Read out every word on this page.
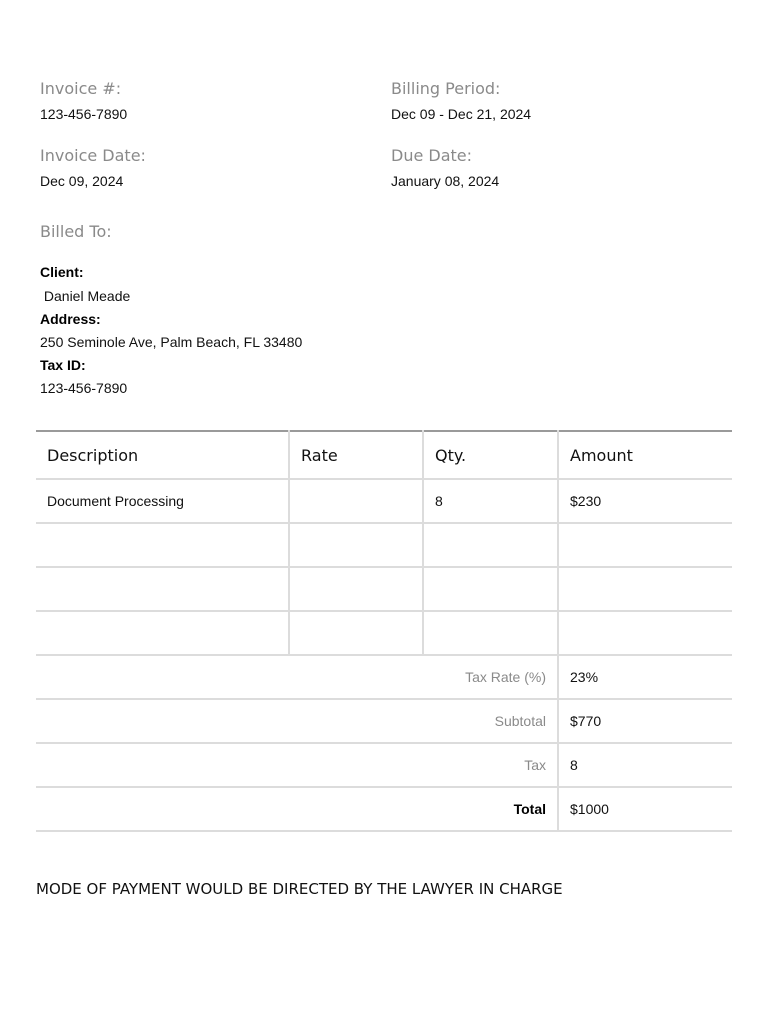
Invoice #:
123-456-7890
Billing Period:
Dec 09 - Dec 21, 2024
Invoice Date:
Dec 09, 2024
Due Date:
January 08, 2024
Billed To:
Client:
Daniel Meade
Address:
250 Seminole Ave, Palm Beach, FL 33480
Tax ID:
123-456-7890
Description	Rate	Qty.	Amount
Document Processing		8	$230

Tax Rate (%)			23%
Subtotal			$770
Tax			8
Total			$1000
MODE OF PAYMENT WOULD BE DIRECTED BY THE LAWYER IN CHARGE
